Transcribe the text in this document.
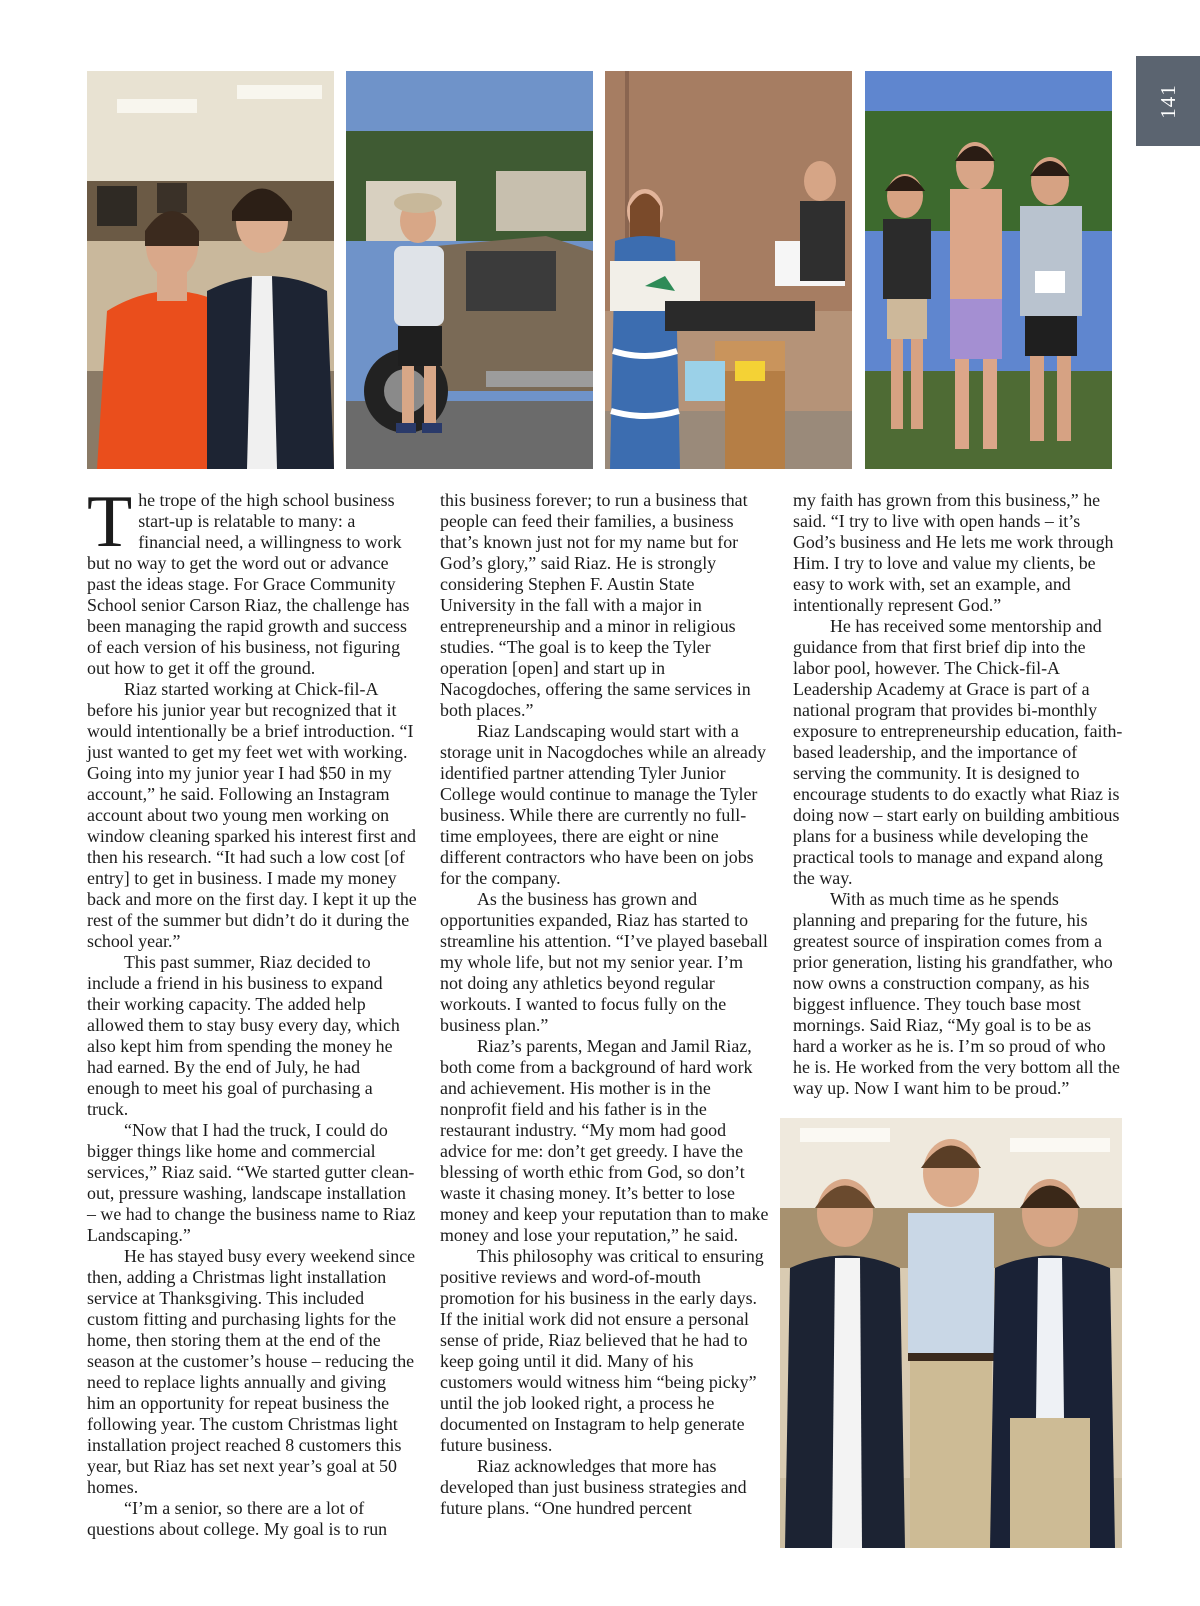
141

The trope of the high school business start-up is relatable to many: a financial need, a willingness to work but no way to get the word out or advance past the ideas stage. For Grace Community School senior Carson Riaz, the challenge has been managing the rapid growth and success of each version of his business, not figuring out how to get it off the ground.

Riaz started working at Chick-fil-A before his junior year but recognized that it would intentionally be a brief introduction. “I just wanted to get my feet wet with working. Going into my junior year I had $50 in my account,” he said. Following an Instagram account about two young men working on window cleaning sparked his interest first and then his research. “It had such a low cost [of entry] to get in business. I made my money back and more on the first day. I kept it up the rest of the summer but didn’t do it during the school year.”

This past summer, Riaz decided to include a friend in his business to expand their working capacity. The added help allowed them to stay busy every day, which also kept him from spending the money he had earned. By the end of July, he had enough to meet his goal of purchasing a truck.

“Now that I had the truck, I could do bigger things like home and commercial services,” Riaz said. “We started gutter clean-out, pressure washing, landscape installation – we had to change the business name to Riaz Landscaping.”

He has stayed busy every weekend since then, adding a Christmas light installation service at Thanksgiving. This included custom fitting and purchasing lights for the home, then storing them at the end of the season at the customer’s house – reducing the need to replace lights annually and giving him an opportunity for repeat business the following year. The custom Christmas light installation project reached 8 customers this year, but Riaz has set next year’s goal at 50 homes.

“I’m a senior, so there are a lot of questions about college. My goal is to run

this business forever; to run a business that people can feed their families, a business that’s known just not for my name but for God’s glory,” said Riaz. He is strongly considering Stephen F. Austin State University in the fall with a major in entrepreneurship and a minor in religious studies. “The goal is to keep the Tyler operation [open] and start up in Nacogdoches, offering the same services in both places.”

Riaz Landscaping would start with a storage unit in Nacogdoches while an already identified partner attending Tyler Junior College would continue to manage the Tyler business. While there are currently no full-time employees, there are eight or nine different contractors who have been on jobs for the company.

As the business has grown and opportunities expanded, Riaz has started to streamline his attention. “I’ve played baseball my whole life, but not my senior year. I’m not doing any athletics beyond regular workouts. I wanted to focus fully on the business plan.”

Riaz’s parents, Megan and Jamil Riaz, both come from a background of hard work and achievement. His mother is in the nonprofit field and his father is in the restaurant industry. “My mom had good advice for me: don’t get greedy. I have the blessing of worth ethic from God, so don’t waste it chasing money. It’s better to lose money and keep your reputation than to make money and lose your reputation,” he said.

This philosophy was critical to ensuring positive reviews and word-of-mouth promotion for his business in the early days. If the initial work did not ensure a personal sense of pride, Riaz believed that he had to keep going until it did. Many of his customers would witness him “being picky” until the job looked right, a process he documented on Instagram to help generate future business.

Riaz acknowledges that more has developed than just business strategies and future plans. “One hundred percent

my faith has grown from this business,” he said. “I try to live with open hands – it’s God’s business and He lets me work through Him. I try to love and value my clients, be easy to work with, set an example, and intentionally represent God.”

He has received some mentorship and guidance from that first brief dip into the labor pool, however. The Chick-fil-A Leadership Academy at Grace is part of a national program that provides bi-monthly exposure to entrepreneurship education, faith-based leadership, and the importance of serving the community. It is designed to encourage students to do exactly what Riaz is doing now – start early on building ambitious plans for a business while developing the practical tools to manage and expand along the way.

With as much time as he spends planning and preparing for the future, his greatest source of inspiration comes from a prior generation, listing his grandfather, who now owns a construction company, as his biggest influence. They touch base most mornings. Said Riaz, “My goal is to be as hard a worker as he is. I’m so proud of who he is. He worked from the very bottom all the way up. Now I want him to be proud.”
